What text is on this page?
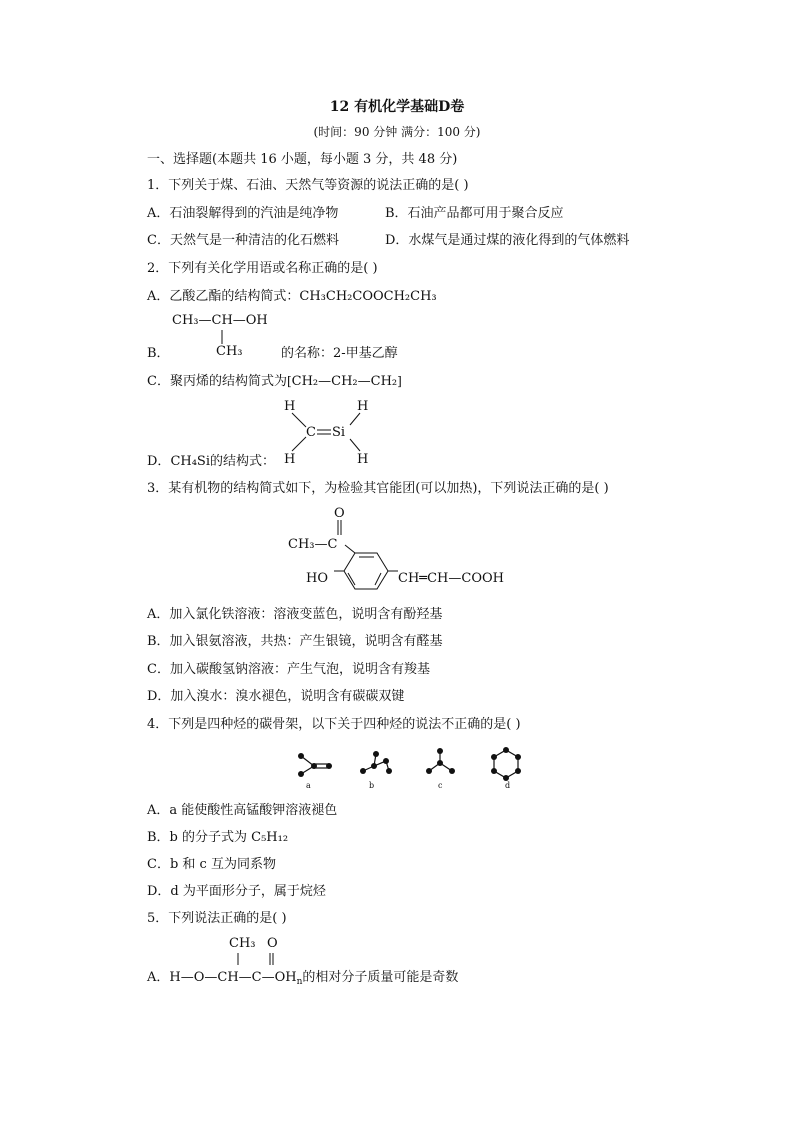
12 有机化学基础D卷
(时间：90 分钟 满分：100 分)
一、选择题(本题共 16 小题，每小题 3 分，共 48 分)
1．下列关于煤、石油、天然气等资源的说法正确的是( )
A．石油裂解得到的汽油是纯净物	B．石油产品都可用于聚合反应
C．天然气是一种清洁的化石燃料	D．水煤气是通过煤的液化得到的气体燃料
2．下列有关化学用语或名称正确的是( )
A．乙酸乙酯的结构简式：CH₃CH₂COOCH₂CH₃
CH₃—CH—OH
B．	CH₃	的名称：2-甲基乙醇
C．聚丙烯的结构简式为[CH₂—CH₂—CH₂]
H	H
C Si
H	H
D．CH₄Si的结构式：
3．某有机物的结构简式如下，为检验其官能团(可以加热)，下列说法正确的是( )
O
CH₃—C
HO	CH═CH—COOH
A．加入氯化铁溶液：溶液变蓝色，说明含有酚羟基
B．加入银氨溶液，共热：产生银镜，说明含有醛基
C．加入碳酸氢钠溶液：产生气泡，说明含有羧基
D．加入溴水：溴水褪色，说明含有碳碳双键
4．下列是四种烃的碳骨架，以下关于四种烃的说法不正确的是( )
a	b	c	d
A．a 能使酸性高锰酸钾溶液褪色
B．b 的分子式为 C₅H₁₂
C．b 和 c 互为同系物
D．d 为平面形分子，属于烷烃
5．下列说法正确的是( )
CH₃ O
A．$H—O—CH—C—OH_n$的相对分子质量可能是奇数
